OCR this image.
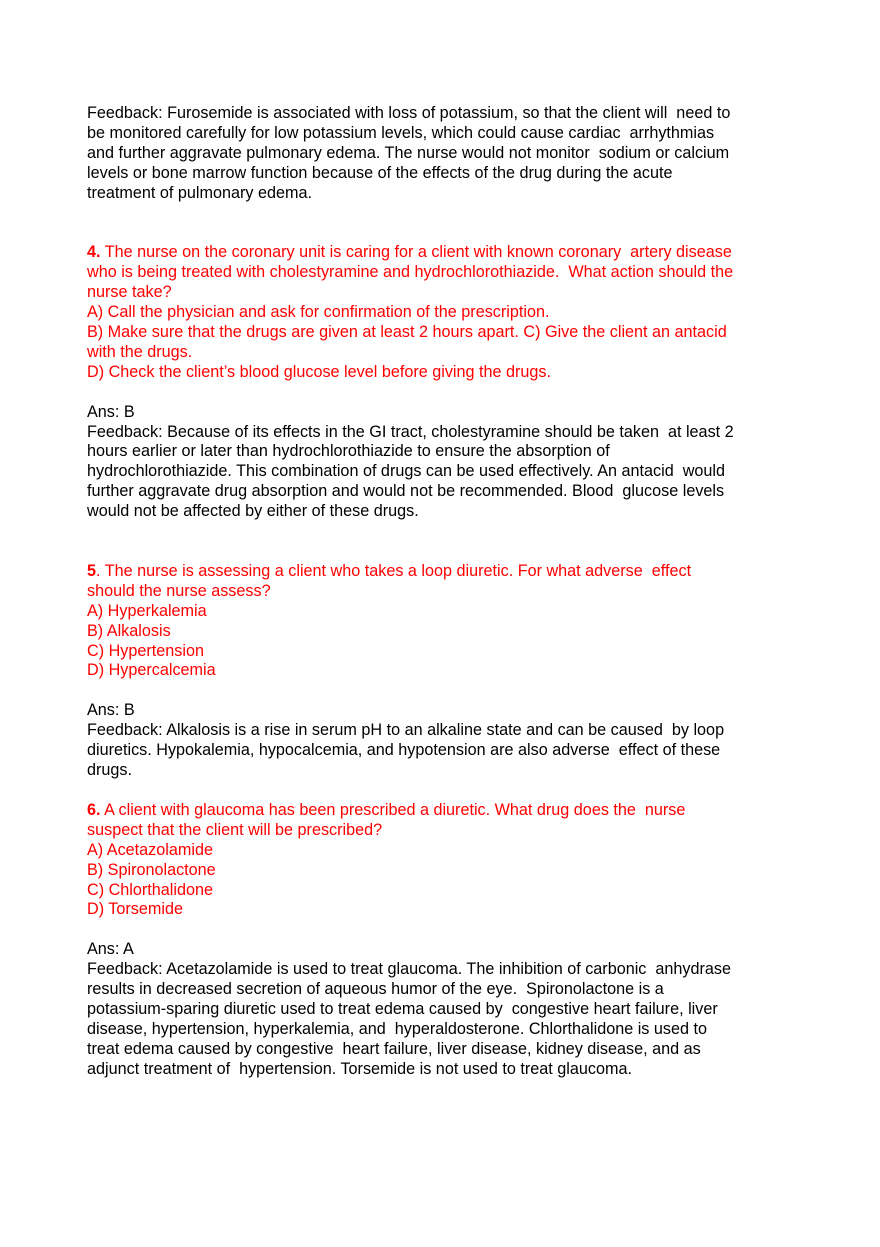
Feedback: Furosemide is associated with loss of potassium, so that the client will  need to
be monitored carefully for low potassium levels, which could cause cardiac  arrhythmias
and further aggravate pulmonary edema. The nurse would not monitor  sodium or calcium
levels or bone marrow function because of the effects of the drug during the acute
treatment of pulmonary edema.
4. The nurse on the coronary unit is caring for a client with known coronary  artery disease
who is being treated with cholestyramine and hydrochlorothiazide.  What action should the
nurse take?
A) Call the physician and ask for confirmation of the prescription.
B) Make sure that the drugs are given at least 2 hours apart. C) Give the client an antacid
with the drugs.
D) Check the client’s blood glucose level before giving the drugs.
Ans: B
Feedback: Because of its effects in the GI tract, cholestyramine should be taken  at least 2
hours earlier or later than hydrochlorothiazide to ensure the absorption of
hydrochlorothiazide. This combination of drugs can be used effectively. An antacid  would
further aggravate drug absorption and would not be recommended. Blood  glucose levels
would not be affected by either of these drugs.
5. The nurse is assessing a client who takes a loop diuretic. For what adverse  effect
should the nurse assess?
A) Hyperkalemia
B) Alkalosis
C) Hypertension
D) Hypercalcemia
Ans: B
Feedback: Alkalosis is a rise in serum pH to an alkaline state and can be caused  by loop
diuretics. Hypokalemia, hypocalcemia, and hypotension are also adverse  effect of these
drugs.
6. A client with glaucoma has been prescribed a diuretic. What drug does the  nurse
suspect that the client will be prescribed?
A) Acetazolamide
B) Spironolactone
C) Chlorthalidone
D) Torsemide
Ans: A
Feedback: Acetazolamide is used to treat glaucoma. The inhibition of carbonic  anhydrase
results in decreased secretion of aqueous humor of the eye.  Spironolactone is a
potassium-sparing diuretic used to treat edema caused by  congestive heart failure, liver
disease, hypertension, hyperkalemia, and  hyperaldosterone. Chlorthalidone is used to
treat edema caused by congestive  heart failure, liver disease, kidney disease, and as
adjunct treatment of  hypertension. Torsemide is not used to treat glaucoma.
